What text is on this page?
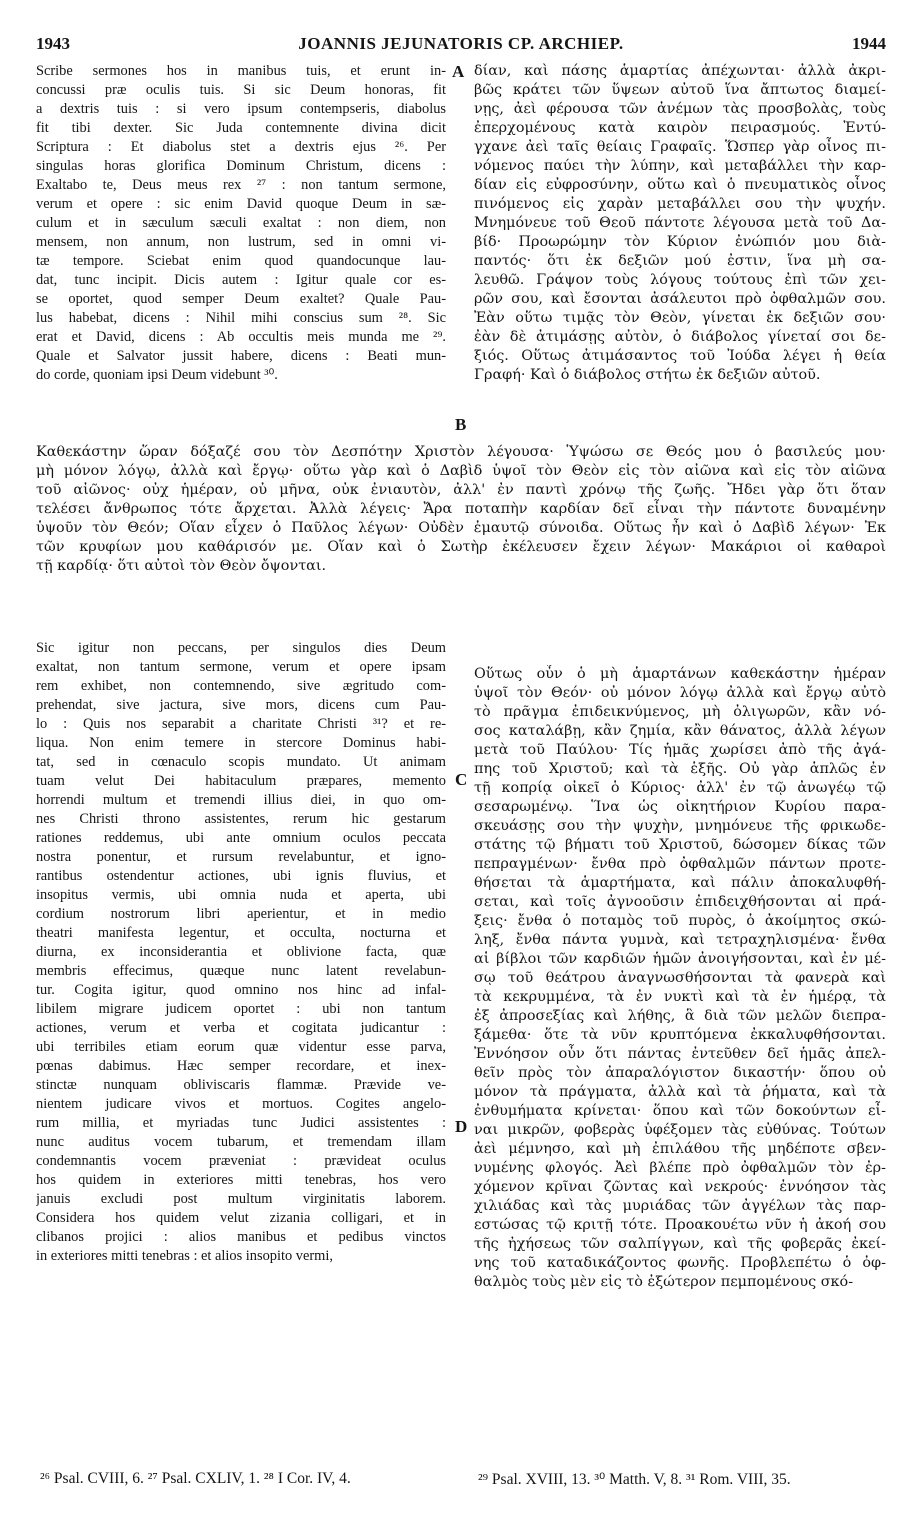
1943	JOANNIS JEJUNATORIS CP. ARCHIEP.	1944
Scribe sermones hos in manibus tuis, et erunt in-
concussi præ oculis tuis. Si sic Deum honoras, fit
a dextris tuis : si vero ipsum contempseris, diabolus
fit tibi dexter. Sic Juda contemnente divina dicit
Scriptura : Et diabolus stet a dextris ejus ²⁶. Per
singulas horas glorifica Dominum Christum, dicens :
Exaltabo te, Deus meus rex ²⁷ : non tantum sermone,
verum et opere : sic enim David quoque Deum in sæ-
culum et in sæculum sæculi exaltat : non diem, non
mensem, non annum, non lustrum, sed in omni vi-
tæ tempore. Sciebat enim quod quandocunque lau-
dat, tunc incipit. Dicis autem : Igitur quale cor es-
se oportet, quod semper Deum exaltet? Quale Pau-
lus habebat, dicens : Nihil mihi conscius sum ²⁸. Sic
erat et David, dicens : Ab occultis meis munda me ²⁹.
Quale et Salvator jussit habere, dicens : Beati mun-
do corde, quoniam ipsi Deum videbunt ³⁰.
δίαν, καὶ πάσης ἁμαρτίας ἀπέχωνται· ἀλλὰ ἀκρι-
βῶς κράτει τῶν ὕψεων αὐτοῦ ἵνα ἄπτωτος διαμεί-
νῃς, ἀεὶ φέρουσα τῶν ἀνέμων τὰς προσβολὰς, τοὺς
ἐπερχομένους κατὰ καιρὸν πειρασμούς. Ἐντύ-
γχανε ἀεὶ ταῖς θείαις Γραφαῖς. Ὥσπερ γὰρ οἶνος πι-
νόμενος παύει τὴν λύπην, καὶ μεταβάλλει τὴν καρ-
δίαν εἰς εὐφροσύνην, οὕτω καὶ ὁ πνευματικὸς οἶνος
πινόμενος εἰς χαρὰν μεταβάλλει σου τὴν ψυχήν.
Μνημόνευε τοῦ Θεοῦ πάντοτε λέγουσα μετὰ τοῦ Δα-
βίδ· Προωρώμην τὸν Κύριον ἐνώπιόν μου διὰ-
παντός· ὅτι ἐκ δεξιῶν μού ἐστιν, ἵνα μὴ σα-
λευθῶ. Γράψον τοὺς λόγους τούτους ἐπὶ τῶν χει-
ρῶν σου, καὶ ἔσονται ἀσάλευτοι πρὸ ὀφθαλμῶν σου.
Ἐὰν οὕτω τιμᾷς τὸν Θεὸν, γίνεται ἐκ δεξιῶν σου·
ἐὰν δὲ ἀτιμάσῃς αὐτὸν, ὁ διάβολος γίνεταί σοι δε-
ξιός. Οὕτως ἀτιμάσαντος τοῦ Ἰούδα λέγει ἡ θεία
Γραφή· Καὶ ὁ διάβολος στήτω ἐκ δεξιῶν αὐτοῦ.
A
B
Καθεκάστην ὥραν δόξαζέ σου τὸν Δεσπότην Χριστὸν λέγουσα· Ὑψώσω σε Θεός μου ὁ βασιλεύς μου·
μὴ μόνον λόγῳ, ἀλλὰ καὶ ἔργῳ· οὕτω γὰρ καὶ ὁ Δαβὶδ ὑψοῖ τὸν Θεὸν εἰς τὸν αἰῶνα καὶ εἰς τὸν αἰῶνα
τοῦ αἰῶνος· οὐχ ἡμέραν, οὐ μῆνα, οὐκ ἐνιαυτὸν, ἀλλ' ἐν παντὶ χρόνῳ τῆς ζωῆς. Ἤδει γὰρ ὅτι ὅταν
τελέσει ἄνθρωπος τότε ἄρχεται. Ἀλλὰ λέγεις· Ἄρα ποταπὴν καρδίαν δεῖ εἶναι τὴν πάντοτε δυναμένην
ὑψοῦν τὸν Θεόν; Οἵαν εἶχεν ὁ Παῦλος λέγων· Οὐδὲν ἐμαυτῷ σύνοιδα. Οὕτως ἦν καὶ ὁ Δαβὶδ λέγων· Ἐκ
τῶν κρυφίων μου καθάρισόν με. Οἵαν καὶ ὁ Σωτὴρ ἐκέλευσεν ἔχειν λέγων· Μακάριοι οἱ καθαροὶ
τῇ καρδίᾳ· ὅτι αὐτοὶ τὸν Θεὸν ὄψονται.
Sic igitur non peccans, per singulos dies Deum
exaltat, non tantum sermone, verum et opere ipsam
rem exhibet, non contemnendo, sive ægritudo com-
prehendat, sive jactura, sive mors, dicens cum Pau-
lo : Quis nos separabit a charitate Christi ³¹? et re-
liqua. Non enim temere in stercore Dominus habi-
tat, sed in cœnaculo scopis mundato. Ut animam
tuam velut Dei habitaculum præpares, memento
horrendi multum et tremendi illius diei, in quo om-
nes Christi throno assistentes, rerum hic gestarum
rationes reddemus, ubi ante omnium oculos peccata
nostra ponentur, et rursum revelabuntur, et igno-
rantibus ostendentur actiones, ubi ignis fluvius, et
insopitus vermis, ubi omnia nuda et aperta, ubi
cordium nostrorum libri aperientur, et in medio
theatri manifesta legentur, et occulta, nocturna et
diurna, ex inconsiderantia et oblivione facta, quæ
membris effecimus, quæque nunc latent revelabun-
tur. Cogita igitur, quod omnino nos hinc ad infal-
libilem migrare judicem oportet : ubi non tantum
actiones, verum et verba et cogitata judicantur :
ubi terribiles etiam eorum quæ videntur esse parva,
pœnas dabimus. Hæc semper recordare, et inex-
stinctæ nunquam obliviscaris flammæ. Prævide ve-
nientem judicare vivos et mortuos. Cogites angelo-
rum millia, et myriadas tunc Judici assistentes :
nunc auditus vocem tubarum, et tremendam illam
condemnantis vocem præveniat : prævideat oculus
hos quidem in exteriores mitti tenebras, hos vero
januis excludi post multum virginitatis laborem.
Considera hos quidem velut zizania colligari, et in
clibanos projici : alios manibus et pedibus vinctos
in exteriores mitti tenebras : et alios insopito vermi,
Οὕτως οὖν ὁ μὴ ἁμαρτάνων καθεκάστην ἡμέραν
ὑψοῖ τὸν Θεόν· οὐ μόνον λόγῳ ἀλλὰ καὶ ἔργῳ αὐτὸ
τὸ πρᾶγμα ἐπιδεικνύμενος, μὴ ὀλιγωρῶν, κἂν νό-
σος καταλάβῃ, κἂν ζημία, κἂν θάνατος, ἀλλὰ λέγων
μετὰ τοῦ Παύλου· Τίς ἡμᾶς χωρίσει ἀπὸ τῆς ἀγά-
πης τοῦ Χριστοῦ; καὶ τὰ ἑξῆς. Οὐ γὰρ ἁπλῶς ἐν
τῇ κοπρίᾳ οἰκεῖ ὁ Κύριος· ἀλλ' ἐν τῷ ἀνωγέῳ τῷ
σεσαρωμένῳ. Ἵνα ὡς οἰκητήριον Κυρίου παρα-
σκευάσῃς σου τὴν ψυχὴν, μνημόνευε τῆς φρικωδε-
στάτης τῷ βήματι τοῦ Χριστοῦ, δώσομεν δίκας τῶν
πεπραγμένων· ἔνθα πρὸ ὀφθαλμῶν πάντων προτε-
θήσεται τὰ ἁμαρτήματα, καὶ πάλιν ἀποκαλυφθή-
σεται, καὶ τοῖς ἀγνοοῦσιν ἐπιδειχθήσονται αἱ πρά-
ξεις· ἔνθα ὁ ποταμὸς τοῦ πυρὸς, ὁ ἀκοίμητος σκώ-
ληξ, ἔνθα πάντα γυμνὰ, καὶ τετραχηλισμένα· ἔνθα
αἱ βίβλοι τῶν καρδιῶν ἡμῶν ἀνοιγήσονται, καὶ ἐν μέ-
σῳ τοῦ θεάτρου ἀναγνωσθήσονται τὰ φανερὰ καὶ
τὰ κεκρυμμένα, τὰ ἐν νυκτὶ καὶ τὰ ἐν ἡμέρᾳ, τὰ
ἐξ ἀπροσεξίας καὶ λήθης, ἃ διὰ τῶν μελῶν διεπρα-
ξάμεθα· ὅτε τὰ νῦν κρυπτόμενα ἐκκαλυφθήσονται.
Ἐννόησον οὖν ὅτι πάντας ἐντεῦθεν δεῖ ἡμᾶς ἀπελ-
θεῖν πρὸς τὸν ἀπαραλόγιστον δικαστήν· ὅπου οὐ
μόνον τὰ πράγματα, ἀλλὰ καὶ τὰ ῥήματα, καὶ τὰ
ἐνθυμήματα κρίνεται· ὅπου καὶ τῶν δοκούντων εἶ-
ναι μικρῶν, φοβερὰς ὑφέξομεν τὰς εὐθύνας. Τούτων
ἀεὶ μέμνησο, καὶ μὴ ἐπιλάθου τῆς μηδέποτε σβεν-
νυμένης φλογός. Ἀεὶ βλέπε πρὸ ὀφθαλμῶν τὸν ἐρ-
χόμενον κρῖναι ζῶντας καὶ νεκρούς· ἐννόησον τὰς
χιλιάδας καὶ τὰς μυριάδας τῶν ἀγγέλων τὰς παρ-
εστώσας τῷ κριτῇ τότε. Προακουέτω νῦν ἡ ἀκοή σου
τῆς ἠχήσεως τῶν σαλπίγγων, καὶ τῆς φοβερᾶς ἐκεί-
νης τοῦ καταδικάζοντος φωνῆς. Προβλεπέτω ὁ ὀφ-
θαλμὸς τοὺς μὲν εἰς τὸ ἐξώτερον πεμπομένους σκό-
C
D
²⁶ Psal. CVIII, 6. ²⁷ Psal. CXLIV, 1. ²⁸ I Cor. IV, 4.	²⁹ Psal. XVIII, 13. ³⁰ Matth. V, 8. ³¹ Rom. VIII, 35.
